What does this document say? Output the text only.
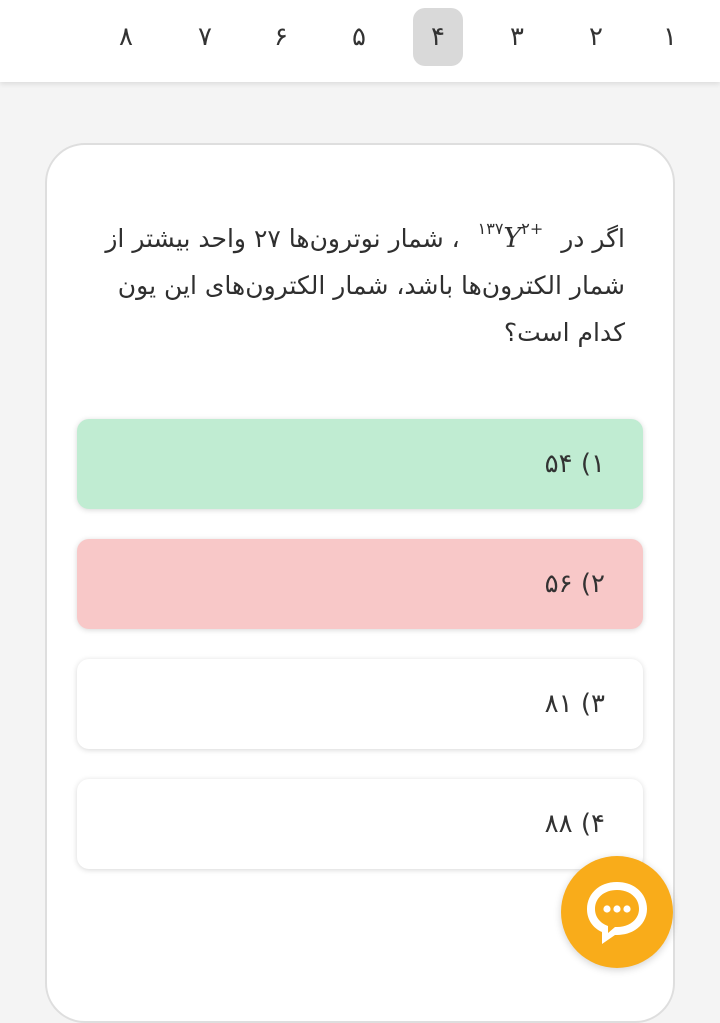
۱
۲
۳
۴
۵
۶
۷
۸
اگر در $^{۱۳۷}Y^{۲+}$ ، شمار نوترون‌ها ۲۷ واحد بیشتر از شمار الکترون‌ها باشد، شمار الکترون‌های این یون کدام است؟
۱) ۵۴
۲) ۵۶
۳) ۸۱
۴) ۸۸
